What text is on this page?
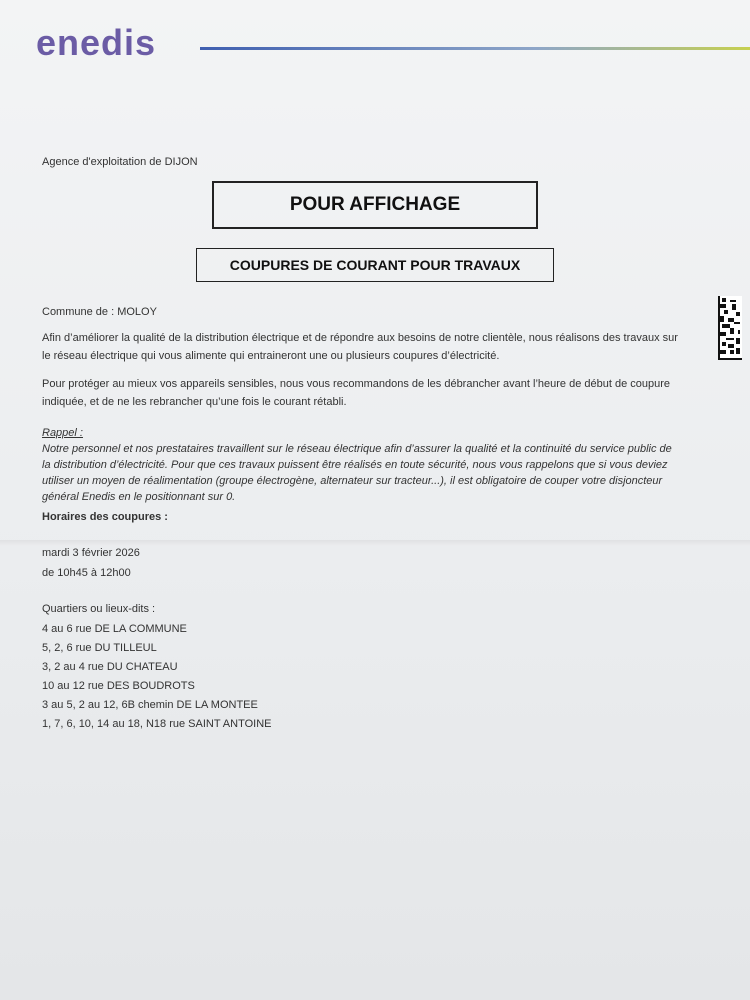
enedis
Agence d'exploitation de DIJON
POUR AFFICHAGE
COUPURES DE COURANT POUR TRAVAUX
Commune de : MOLOY
Afin d’améliorer la qualité de la distribution électrique et de répondre aux besoins de notre clientèle, nous réalisons des travaux sur le réseau électrique qui vous alimente qui entraineront une ou plusieurs coupures d’électricité.
Pour protéger au mieux vos appareils sensibles, nous vous recommandons de les débrancher avant l’heure de début de coupure indiquée, et de ne les rebrancher qu’une fois le courant rétabli.
Rappel :
Notre personnel et nos prestataires travaillent sur le réseau électrique afin d’assurer la qualité et la continuité du service public de la distribution d’électricité. Pour que ces travaux puissent être réalisés en toute sécurité, nous vous rappelons que si vous deviez utiliser un moyen de réalimentation (groupe électrogène, alternateur sur tracteur...), il est obligatoire de couper votre disjoncteur général Enedis en le positionnant sur 0.
Horaires des coupures :
mardi 3 février 2026
de 10h45 à 12h00
Quartiers ou lieux-dits :
4 au 6 rue DE LA COMMUNE
5, 2, 6 rue DU TILLEUL
3, 2 au 4 rue DU CHATEAU
10 au 12 rue DES BOUDROTS
3 au 5, 2 au 12, 6B chemin DE LA MONTEE
1, 7, 6, 10, 14 au 18, N18 rue SAINT ANTOINE
